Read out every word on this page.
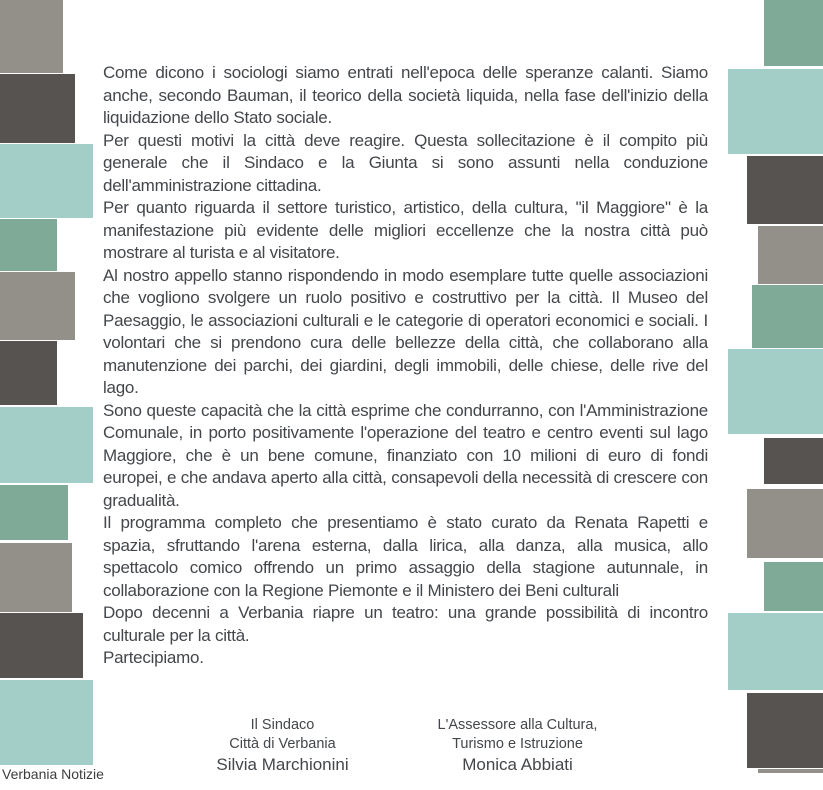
Come dicono i sociologi siamo entrati nell'epoca delle speranze calanti. Siamo anche, secondo Bauman, il teorico della società liquida, nella fase dell'inizio della liquidazione dello Stato sociale.

Per questi motivi la città deve reagire. Questa sollecitazione è il compito più generale che il Sindaco e la Giunta si sono assunti nella conduzione dell'amministrazione cittadina.

Per quanto riguarda il settore turistico, artistico, della cultura, "il Maggiore" è la manifestazione più evidente delle migliori eccellenze che la nostra città può mostrare al turista e al visitatore.

Al nostro appello stanno rispondendo in modo esemplare tutte quelle associazioni che vogliono svolgere un ruolo positivo e costruttivo per la città. Il Museo del Paesaggio, le associazioni culturali e le categorie di operatori economici e sociali. I volontari che si prendono cura delle bellezze della città, che collaborano alla manutenzione dei parchi, dei giardini, degli immobili, delle chiese, delle rive del lago.

Sono queste capacità che la città esprime che condurranno, con l'Amministrazione Comunale, in porto positivamente l'operazione del teatro e centro eventi sul lago Maggiore, che è un bene comune, finanziato con 10 milioni di euro di fondi europei, e che andava aperto alla città, consapevoli della necessità di crescere con gradualità.

Il programma completo che presentiamo è stato curato da Renata Rapetti e spazia, sfruttando l'arena esterna, dalla lirica, alla danza, alla musica, allo spettacolo comico offrendo un primo assaggio della stagione autunnale, in collaborazione con la Regione Piemonte e il Ministero dei Beni culturali

Dopo decenni a Verbania riapre un teatro: una grande possibilità di incontro culturale per la città.

Partecipiamo.

Il Sindaco
Città di Verbania
Silvia Marchionini
L'Assessore alla Cultura,
Turismo e Istruzione
Monica Abbiati
Verbania Notizie
